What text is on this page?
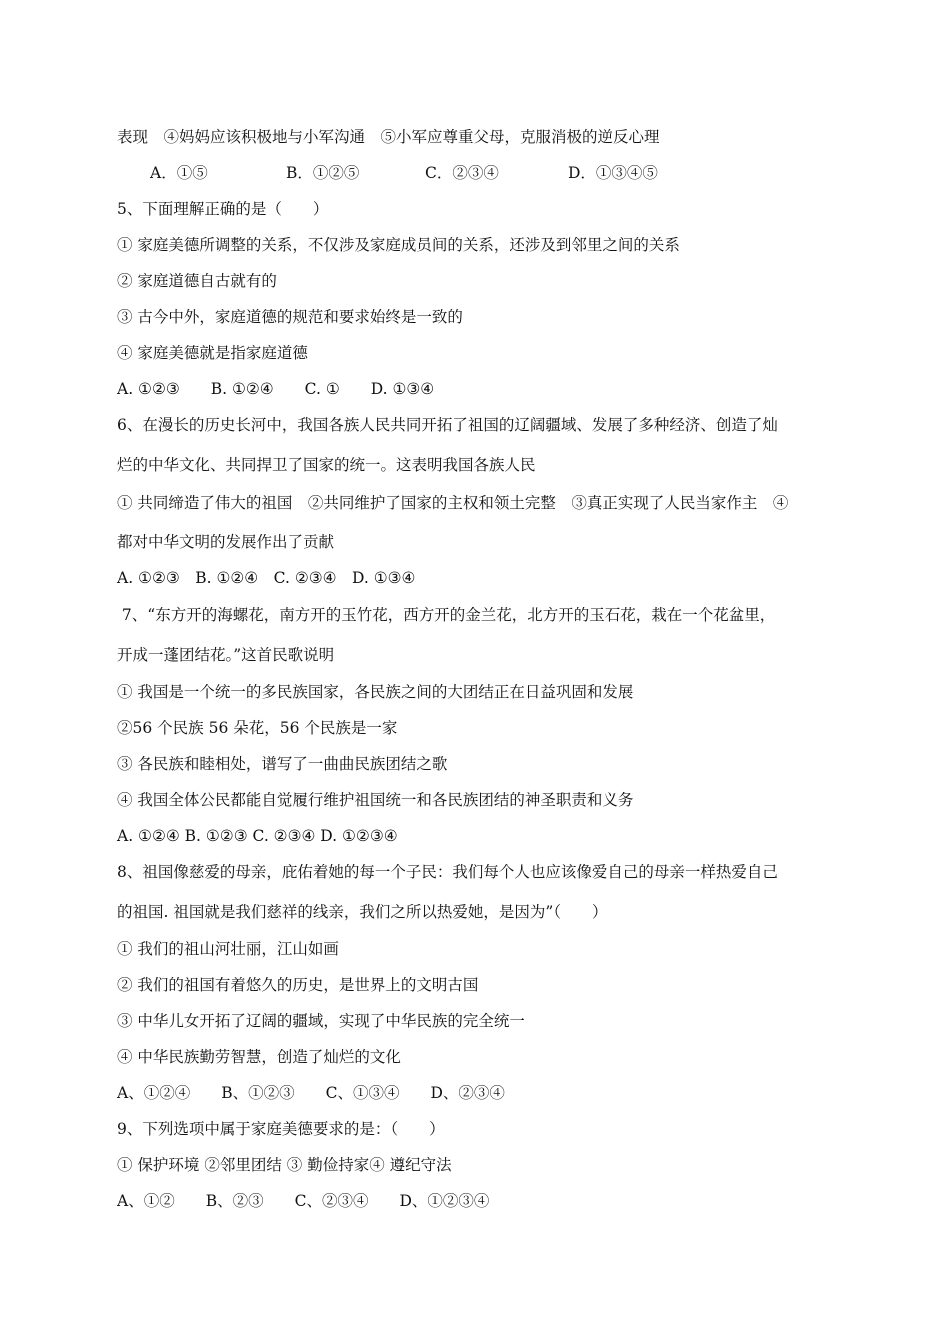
表现　④妈妈应该积极地与小军沟通　⑤小军应尊重父母，克服消极的逆反心理

A．①⑤

	B．①②⑤

	C．②③④

	D．①③④⑤

5、下面理解正确的是（　　）
① 家庭美德所调整的关系，不仅涉及家庭成员间的关系，还涉及到邻里之间的关系
② 家庭道德自古就有的
③ 古今中外，家庭道德的规范和要求始终是一致的
④ 家庭美德就是指家庭道德
A. ①②③　　B. ①②④　　C. ①　　D. ①③④
6、在漫长的历史长河中，我国各族人民共同开拓了祖国的辽阔疆域、发展了多种经济、创造了灿
烂的中华文化、共同捍卫了国家的统一。这表明我国各族人民
① 共同缔造了伟大的祖国　②共同维护了国家的主权和领土完整　③真正实现了人民当家作主　④
都对中华文明的发展作出了贡献
A. ①②③　B. ①②④　C. ②③④　D. ①③④
7、“东方开的海螺花，南方开的玉竹花，西方开的金兰花，北方开的玉石花，栽在一个花盆里，
开成一蓬团结花。”这首民歌说明
① 我国是一个统一的多民族国家，各民族之间的大团结正在日益巩固和发展
②56 个民族 56 朵花，56 个民族是一家
③ 各民族和睦相处，谱写了一曲曲民族团结之歌
④ 我国全体公民都能自觉履行维护祖国统一和各民族团结的神圣职责和义务
A. ①②④ B. ①②③ C. ②③④ D. ①②③④
8、祖国像慈爱的母亲，庇佑着她的每一个子民：我们每个人也应该像爱自己的母亲一样热爱自己
的祖国. 祖国就是我们慈祥的线亲，我们之所以热爱她，是因为”（　　）
① 我们的祖山河壮丽，江山如画
② 我们的祖国有着悠久的历史，是世界上的文明古国
③ 中华儿女开拓了辽阔的疆域，实现了中华民族的完全统一
④ 中华民族勤劳智慧，创造了灿烂的文化
A、①②④　　B、①②③　　C、①③④　　D、②③④
9、下列选项中属于家庭美德要求的是：（　　）
① 保护环境 ②邻里团结 ③ 勤俭持家④ 遵纪守法
A、①②　　B、②③　　C、②③④　　D、①②③④
